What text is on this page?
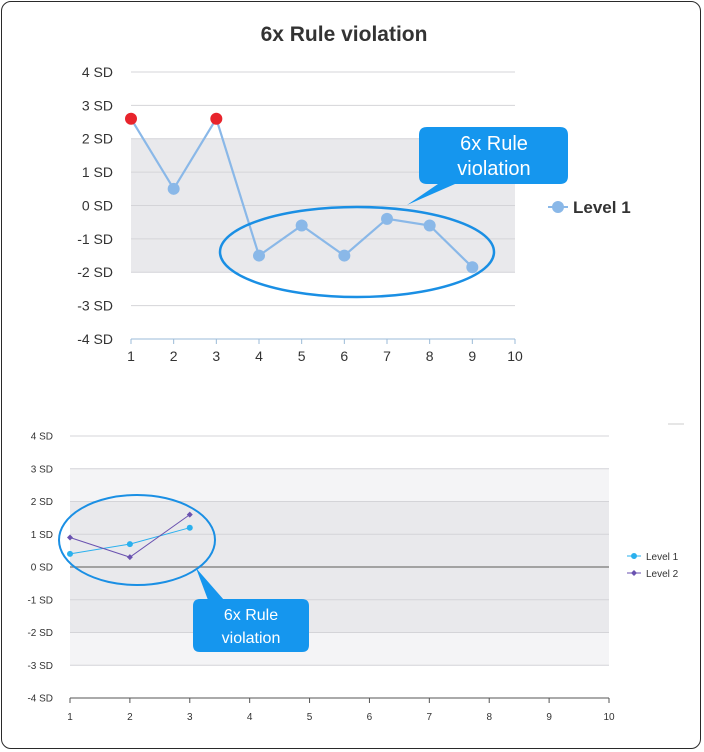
6x Rule violation
4 SD
3 SD
2 SD
1 SD
0 SD
-1 SD
-2 SD
-3 SD
-4 SD
1 2 3 4 5 6 7 8 9 10
6x Rule
violation
Level 1
4 SD
3 SD
2 SD
1 SD
0 SD
-1 SD
-2 SD
-3 SD
-4 SD
1	2	3	4	5	6	7	8	9	10
6x Rule
violation
Level 1
Level 2
